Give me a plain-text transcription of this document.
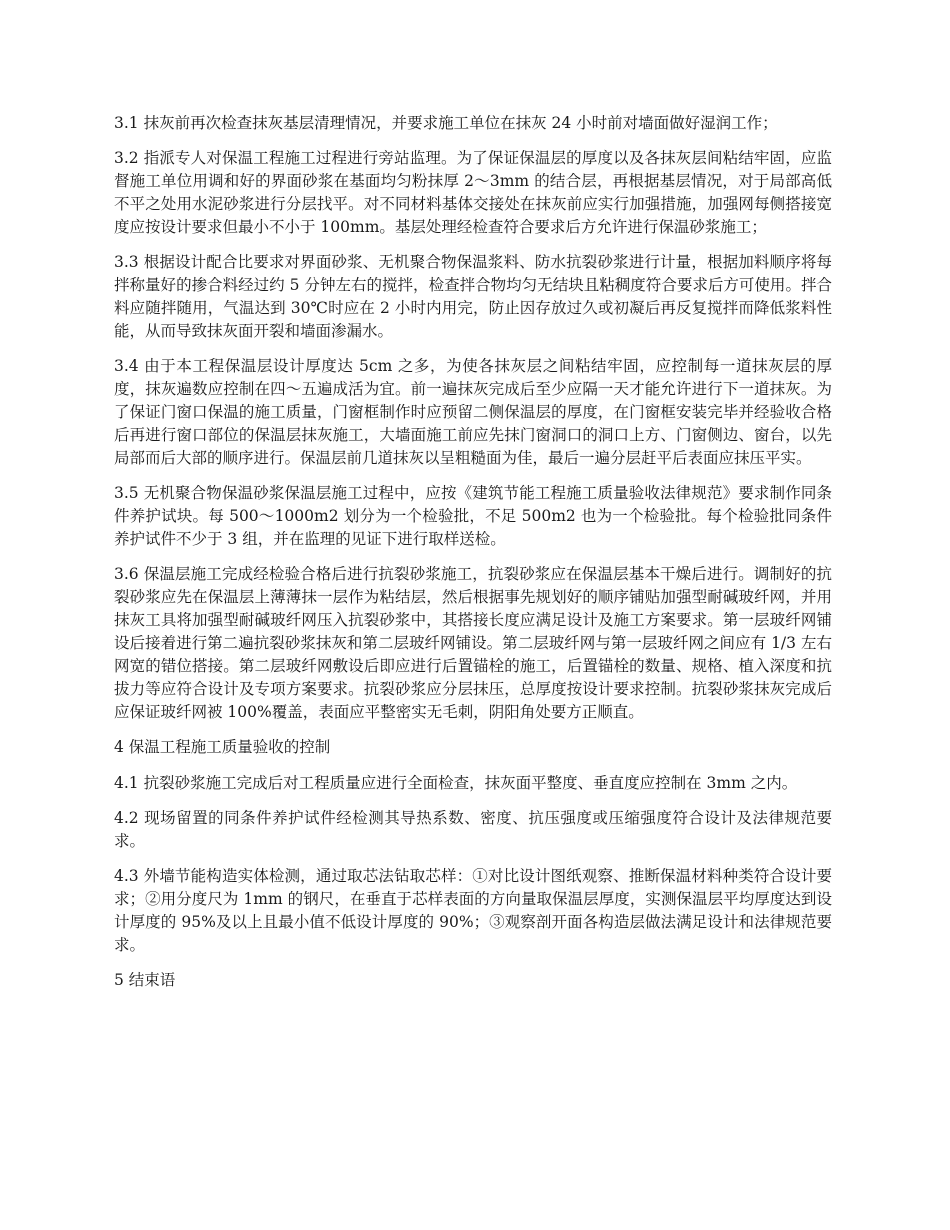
3.1 抹灰前再次检查抹灰基层清理情况，并要求施工单位在抹灰 24 小时前对墙面做好湿润工作；

3.2 指派专人对保温工程施工过程进行旁站监理。为了保证保温层的厚度以及各抹灰层间粘结牢固，应监督施工单位用调和好的界面砂浆在基面均匀粉抹厚 2～3mm 的结合层，再根据基层情况，对于局部高低不平之处用水泥砂浆进行分层找平。对不同材料基体交接处在抹灰前应实行加强措施，加强网每侧搭接宽度应按设计要求但最小不小于 100mm。基层处理经检查符合要求后方允许进行保温砂浆施工；

3.3 根据设计配合比要求对界面砂浆、无机聚合物保温浆料、防水抗裂砂浆进行计量，根据加料顺序将每拌称量好的掺合料经过约 5 分钟左右的搅拌，检查拌合物均匀无结块且粘稠度符合要求后方可使用。拌合料应随拌随用，气温达到 30℃时应在 2 小时内用完，防止因存放过久或初凝后再反复搅拌而降低浆料性能，从而导致抹灰面开裂和墙面渗漏水。

3.4 由于本工程保温层设计厚度达 5cm 之多，为使各抹灰层之间粘结牢固，应控制每一道抹灰层的厚度，抹灰遍数应控制在四～五遍成活为宜。前一遍抹灰完成后至少应隔一天才能允许进行下一道抹灰。为了保证门窗口保温的施工质量，门窗框制作时应预留二侧保温层的厚度，在门窗框安装完毕并经验收合格后再进行窗口部位的保温层抹灰施工，大墙面施工前应先抹门窗洞口的洞口上方、门窗侧边、窗台，以先局部而后大部的顺序进行。保温层前几道抹灰以呈粗糙面为佳，最后一遍分层赶平后表面应抹压平实。

3.5 无机聚合物保温砂浆保温层施工过程中，应按《建筑节能工程施工质量验收法律规范》要求制作同条件养护试块。每 500～1000m2 划分为一个检验批，不足 500m2 也为一个检验批。每个检验批同条件养护试件不少于 3 组，并在监理的见证下进行取样送检。

3.6 保温层施工完成经检验合格后进行抗裂砂浆施工，抗裂砂浆应在保温层基本干燥后进行。调制好的抗裂砂浆应先在保温层上薄薄抹一层作为粘结层，然后根据事先规划好的顺序铺贴加强型耐碱玻纤网，并用抹灰工具将加强型耐碱玻纤网压入抗裂砂浆中，其搭接长度应满足设计及施工方案要求。第一层玻纤网铺设后接着进行第二遍抗裂砂浆抹灰和第二层玻纤网铺设。第二层玻纤网与第一层玻纤网之间应有 1/3 左右网宽的错位搭接。第二层玻纤网敷设后即应进行后置锚栓的施工，后置锚栓的数量、规格、植入深度和抗拔力等应符合设计及专项方案要求。抗裂砂浆应分层抹压，总厚度按设计要求控制。抗裂砂浆抹灰完成后应保证玻纤网被 100%覆盖，表面应平整密实无毛刺，阴阳角处要方正顺直。

4 保温工程施工质量验收的控制

4.1 抗裂砂浆施工完成后对工程质量应进行全面检查，抹灰面平整度、垂直度应控制在 3mm 之内。

4.2 现场留置的同条件养护试件经检测其导热系数、密度、抗压强度或压缩强度符合设计及法律规范要求。

4.3 外墙节能构造实体检测，通过取芯法钻取芯样：①对比设计图纸观察、推断保温材料种类符合设计要求；②用分度尺为 1mm 的钢尺，在垂直于芯样表面的方向量取保温层厚度，实测保温层平均厚度达到设计厚度的 95%及以上且最小值不低设计厚度的 90%；③观察剖开面各构造层做法满足设计和法律规范要求。

5 结束语
